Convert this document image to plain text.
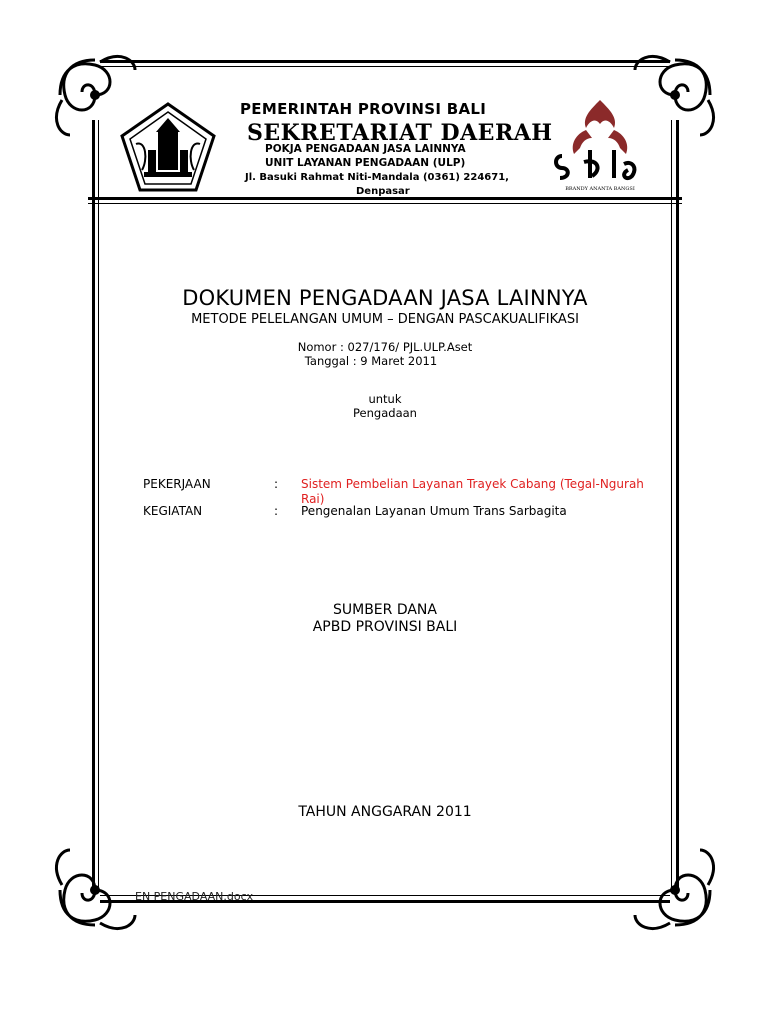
BRANDY ANANTA BANGSI
PEMERINTAH PROVINSI BALI
SEKRETARIAT DAERAH
POKJA PENGADAAN JASA LAINNYA
UNIT LAYANAN PENGADAAN (ULP)
Jl. Basuki Rahmat Niti-Mandala (0361) 224671,
Denpasar
DOKUMEN PENGADAAN JASA LAINNYA
METODE PELELANGAN UMUM – DENGAN PASCAKUALIFIKASI
Nomor : 027/176/ PJL.ULP.Aset
Tanggal : 9 Maret 2011
untuk
Pengadaan
PEKERJAAN	: Sistem Pembelian Layanan Trayek Cabang (Tegal-Ngurah
Rai)
KEGIATAN	: Pengenalan Layanan Umum Trans Sarbagita
SUMBER DANA
APBD PROVINSI BALI
TAHUN ANGGARAN 2011
EN PENGADAAN.docx
